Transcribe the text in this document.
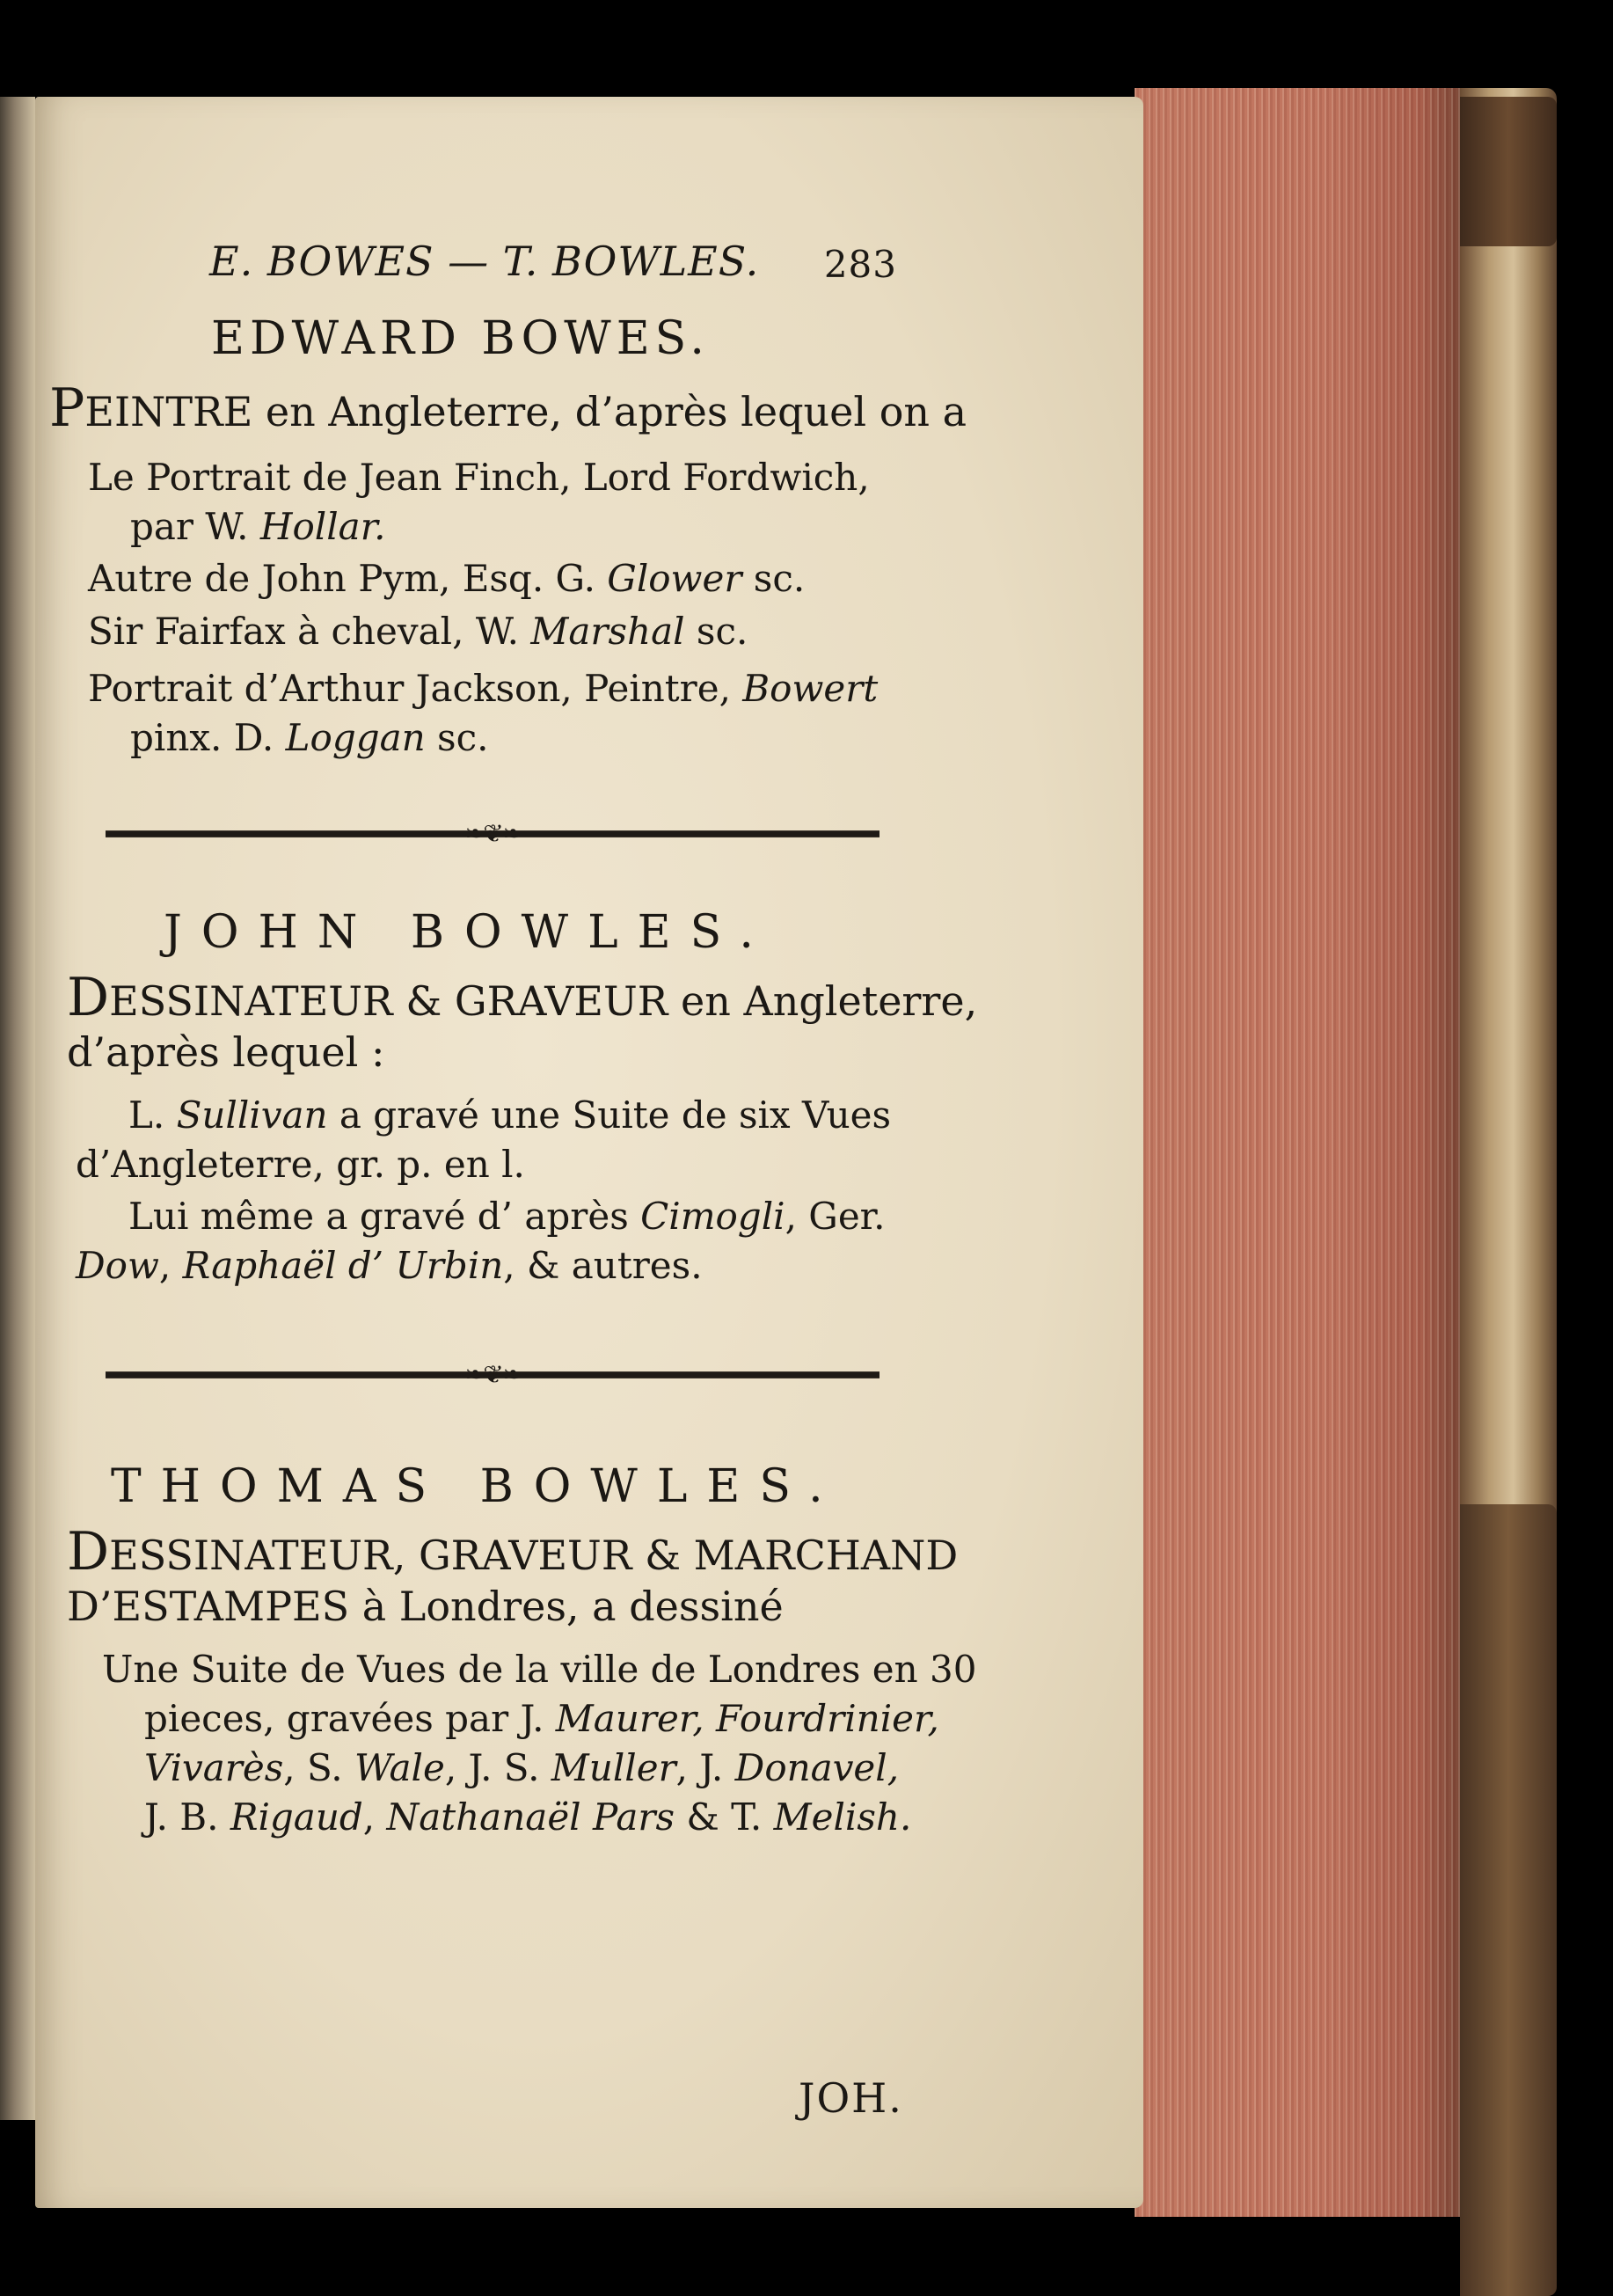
E. BOWES — T. BOWLES. 283
EDWARD BOWES.
PEINTRE en Angleterre, d’après lequel on a
Le Portrait de Jean Finch, Lord Fordwich,
par W. Hollar.
Autre de John Pym, Esq. G. Glower sc.
Sir Fairfax à cheval, W. Marshal sc.
Portrait d’Arthur Jackson, Peintre, Bowert
pinx. D. Loggan sc.
❧❦❧
JOHN BOWLES.
DESSINATEUR & GRAVEUR en Angleterre,
d’après lequel :
L. Sullivan a gravé une Suite de six Vues
d’Angleterre, gr. p. en l.
Lui même a gravé d’ après Cimogli, Ger.
Dow, Raphaël d’ Urbin, & autres.
❧❦❧
THOMAS BOWLES.
DESSINATEUR, GRAVEUR & MARCHAND
D’ESTAMPES à Londres, a dessiné
Une Suite de Vues de la ville de Londres en 30
pieces, gravées par J. Maurer, Fourdrinier,
Vivarès, S. Wale, J. S. Muller, J. Donavel,
J. B. Rigaud, Nathanaël Pars & T. Melish.
JOH.
